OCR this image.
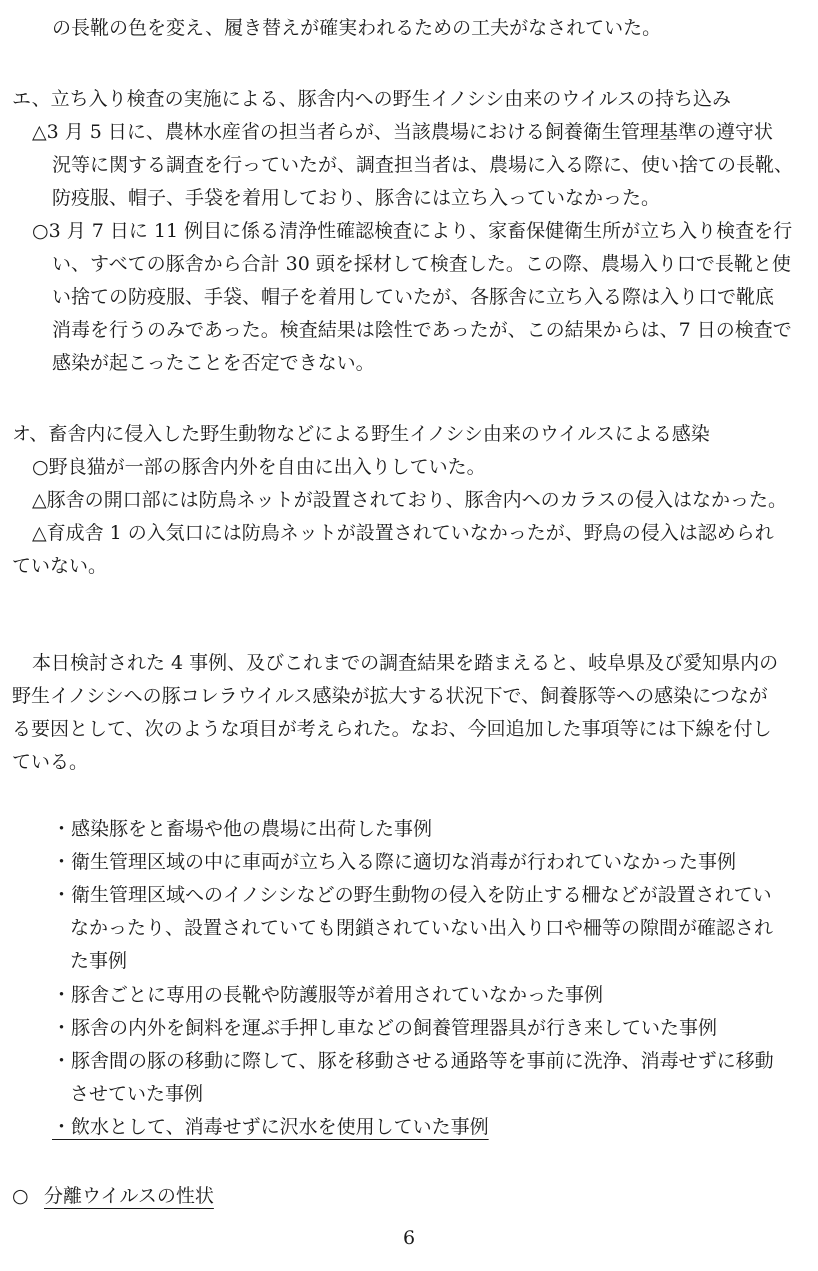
の長靴の色を変え、履き替えが確実われるための工夫がなされていた。

エ、立ち入り検査の実施による、豚舎内への野生イノシシ由来のウイルスの持ち込み

△3 月 5 日に、農林水産省の担当者らが、当該農場における飼養衛生管理基準の遵守状

況等に関する調査を行っていたが、調査担当者は、農場に入る際に、使い捨ての長靴、

防疫服、帽子、手袋を着用しており、豚舎には立ち入っていなかった。

○3 月 7 日に 11 例目に係る清浄性確認検査により、家畜保健衛生所が立ち入り検査を行

い、すべての豚舎から合計 30 頭を採材して検査した。この際、農場入り口で長靴と使

い捨ての防疫服、手袋、帽子を着用していたが、各豚舎に立ち入る際は入り口で靴底

消毒を行うのみであった。検査結果は陰性であったが、この結果からは、7 日の検査で

感染が起こったことを否定できない。

オ、畜舎内に侵入した野生動物などによる野生イノシシ由来のウイルスによる感染

○野良猫が一部の豚舎内外を自由に出入りしていた。

△豚舎の開口部には防鳥ネットが設置されており、豚舎内へのカラスの侵入はなかった。

△育成舎 1 の入気口には防鳥ネットが設置されていなかったが、野鳥の侵入は認められ

ていない。

本日検討された 4 事例、及びこれまでの調査結果を踏まえると、岐阜県及び愛知県内の

野生イノシシへの豚コレラウイルス感染が拡大する状況下で、飼養豚等への感染につなが

る要因として、次のような項目が考えられた。なお、今回追加した事項等には下線を付し

ている。

・感染豚をと畜場や他の農場に出荷した事例

・衛生管理区域の中に車両が立ち入る際に適切な消毒が行われていなかった事例

・衛生管理区域へのイノシシなどの野生動物の侵入を防止する柵などが設置されてい

なかったり、設置されていても閉鎖されていない出入り口や柵等の隙間が確認され

た事例

・豚舎ごとに専用の長靴や防護服等が着用されていなかった事例

・豚舎の内外を飼料を運ぶ手押し車などの飼養管理器具が行き来していた事例

・豚舎間の豚の移動に際して、豚を移動させる通路等を事前に洗浄、消毒せずに移動

させていた事例

・飲水として、消毒せずに沢水を使用していた事例

○ 分離ウイルスの性状

6
